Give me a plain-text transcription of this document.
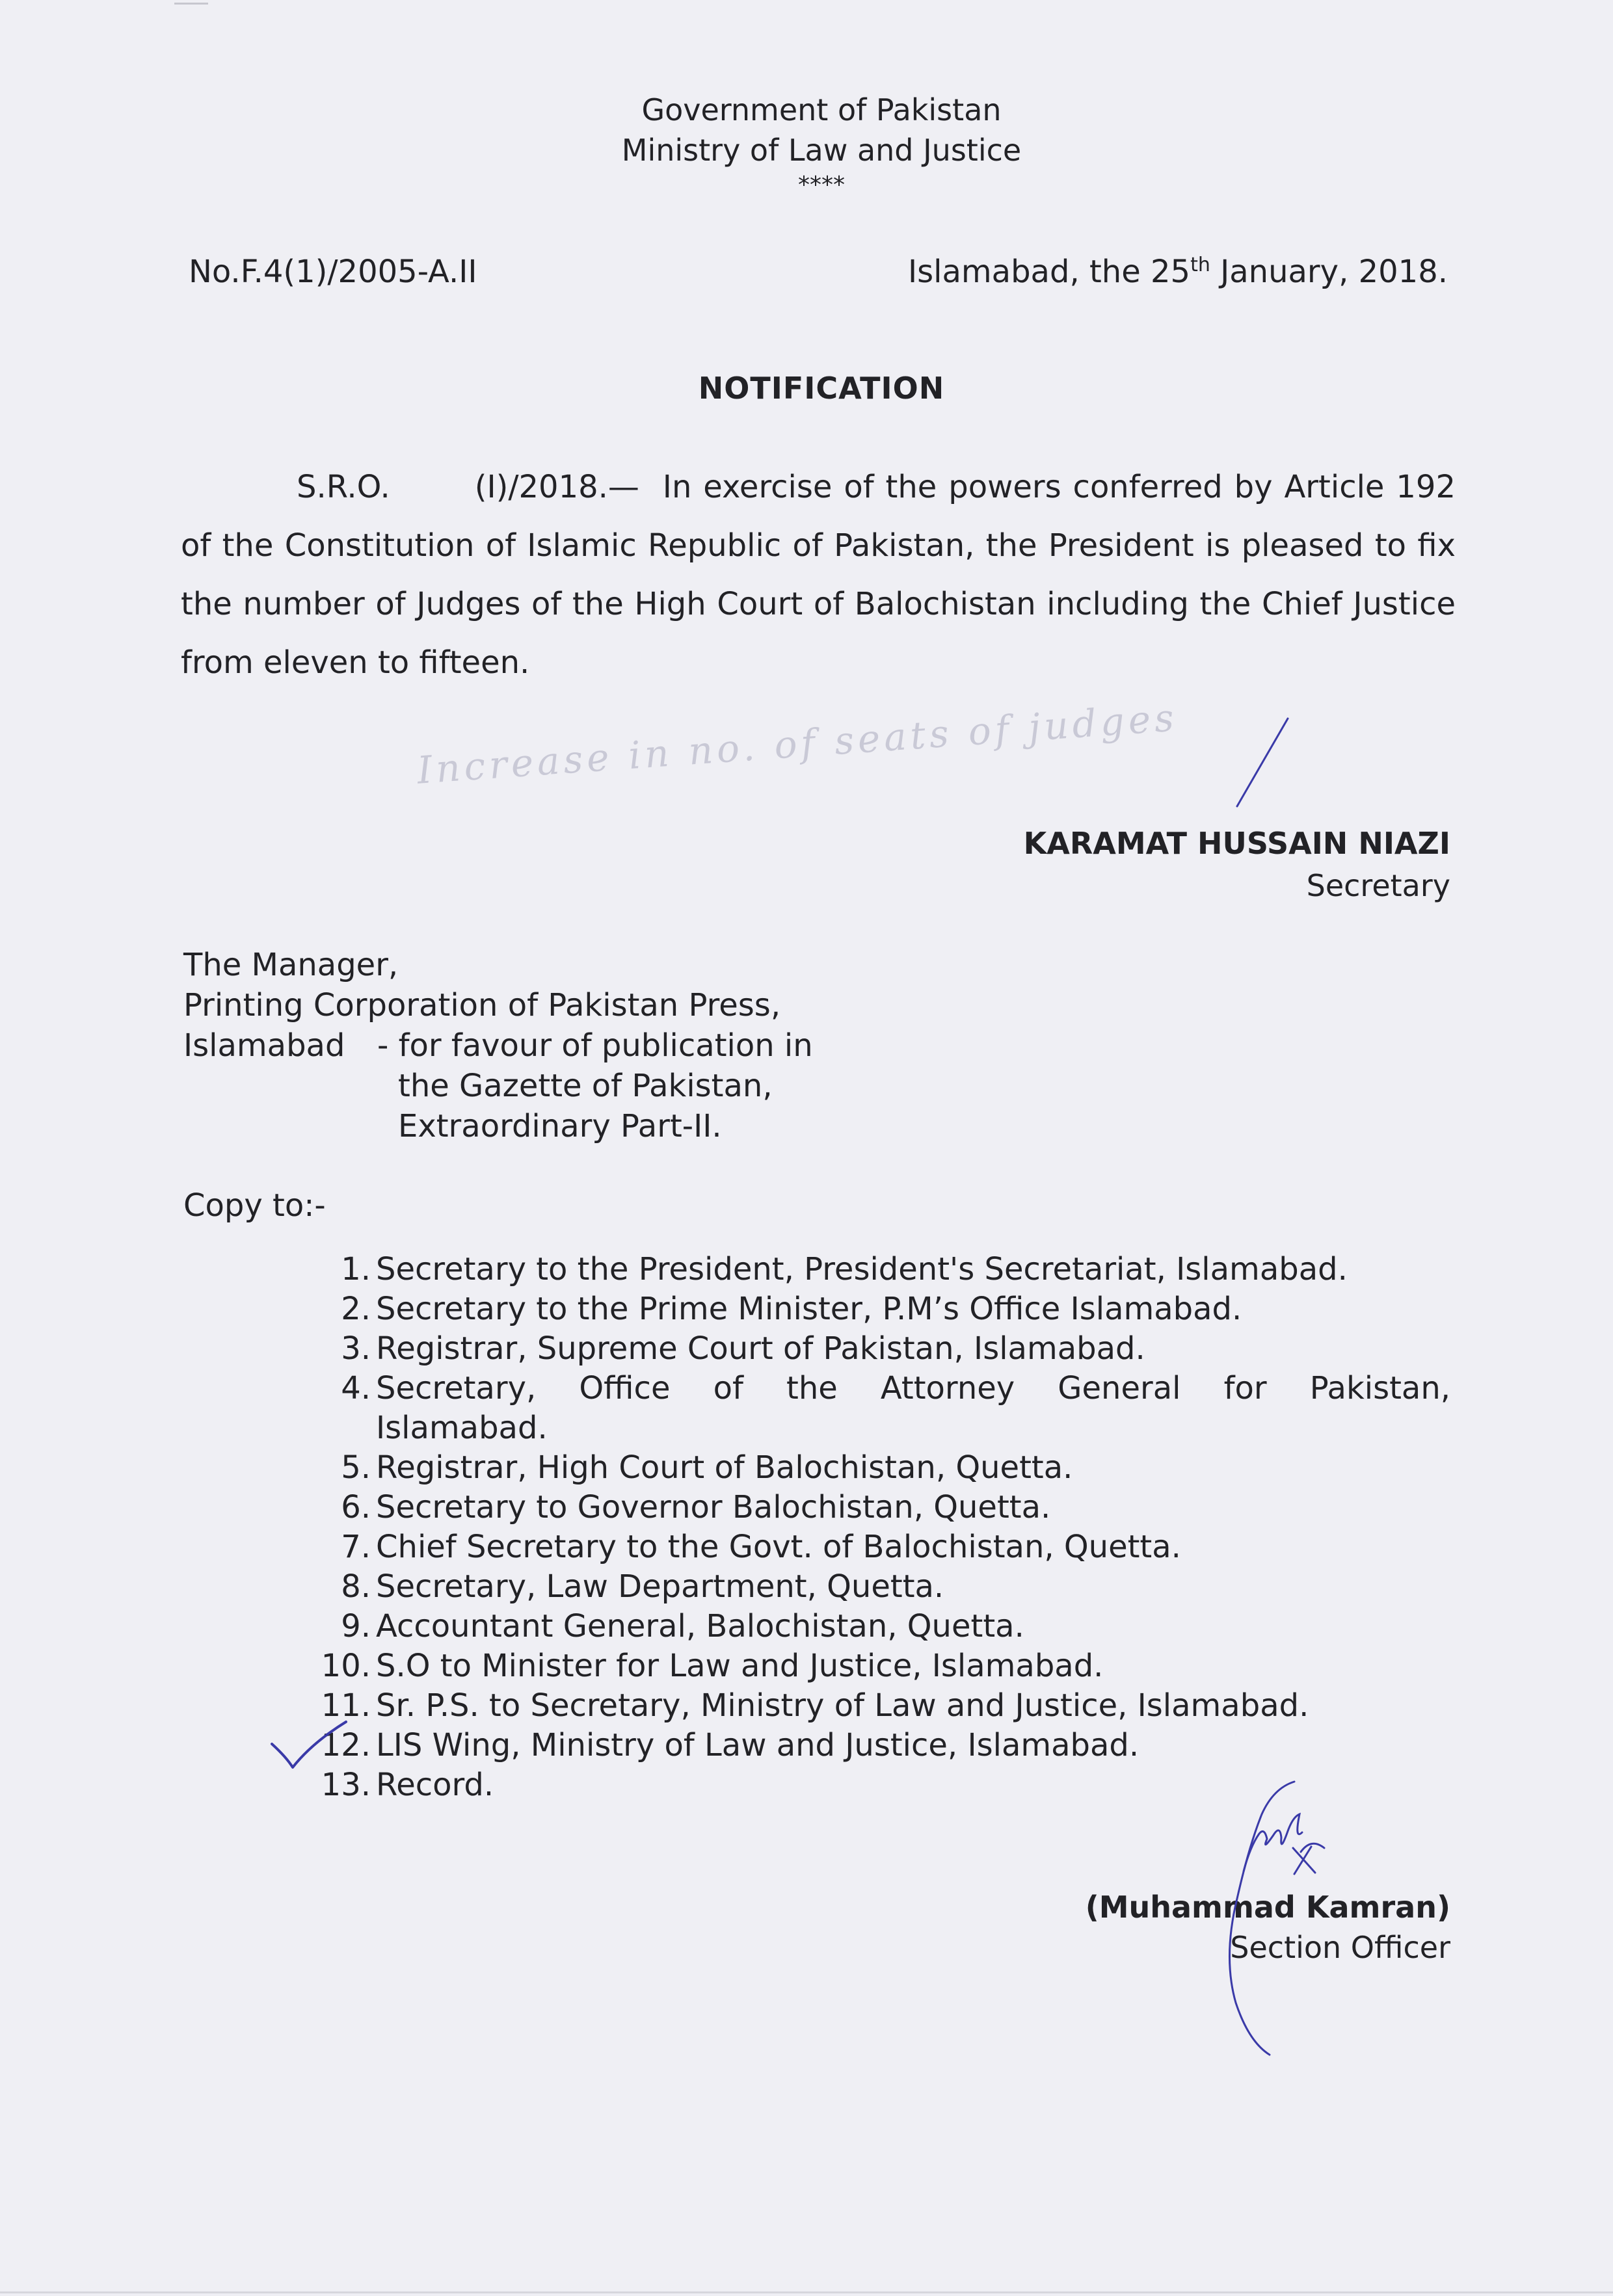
Government of Pakistan
Ministry of Law and Justice
****
No.F.4(1)/2005-A.II	Islamabad, the 25th January, 2018.
NOTIFICATION

S.R.O.	(I)/2018.— In exercise of the powers conferred by Article 192 of the Constitution of Islamic Republic of Pakistan, the President is pleased to fix the number of Judges of the High Court of Balochistan including the Chief Justice from eleven to fifteen.

Increase in no. of seats of judges
KARAMAT HUSSAIN NIAZI
Secretary
The Manager,
Printing Corporation of Pakistan Press,
Islamabad - for favour of publication in
the Gazette of Pakistan,
Extraordinary Part-II.
Copy to:-
1. Secretary to the President, President's Secretariat, Islamabad.
2. Secretary to the Prime Minister, P.M’s Office Islamabad.
3. Registrar, Supreme Court of Pakistan, Islamabad.
4. Secretary, Office of the Attorney General for Pakistan,
Islamabad.
5. Registrar, High Court of Balochistan, Quetta.
6. Secretary to Governor Balochistan, Quetta.
7. Chief Secretary to the Govt. of Balochistan, Quetta.
8. Secretary, Law Department, Quetta.
9. Accountant General, Balochistan, Quetta.
10. S.O to Minister for Law and Justice, Islamabad.
11. Sr. P.S. to Secretary, Ministry of Law and Justice, Islamabad.
12. LIS Wing, Ministry of Law and Justice, Islamabad.
13. Record.
(Muhammad Kamran)
Section Officer
